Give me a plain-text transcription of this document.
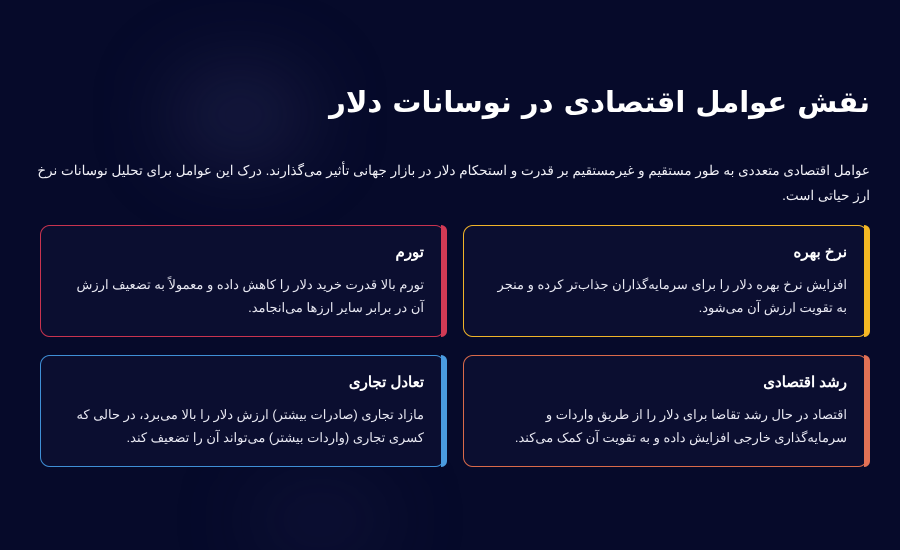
نقش عوامل اقتصادی در نوسانات دلار

عوامل اقتصادی متعددی به طور مستقیم و غیرمستقیم بر قدرت و استحکام دلار در بازار جهانی تأثیر می‌گذارند. درک این عوامل برای تحلیل نوسانات نرخ ارز حیاتی است.

نرخ بهره

افزایش نرخ بهره دلار را برای سرمایه‌گذاران جذاب‌تر کرده و منجر به تقویت ارزش آن می‌شود.

تورم

تورم بالا قدرت خرید دلار را کاهش داده و معمولاً به تضعیف ارزش آن در برابر سایر ارزها می‌انجامد.

رشد اقتصادی

اقتصاد در حال رشد تقاضا برای دلار را از طریق واردات و سرمایه‌گذاری خارجی افزایش داده و به تقویت آن کمک می‌کند.

تعادل تجاری

مازاد تجاری (صادرات بیشتر) ارزش دلار را بالا می‌برد، در حالی که کسری تجاری (واردات بیشتر) می‌تواند آن را تضعیف کند.
